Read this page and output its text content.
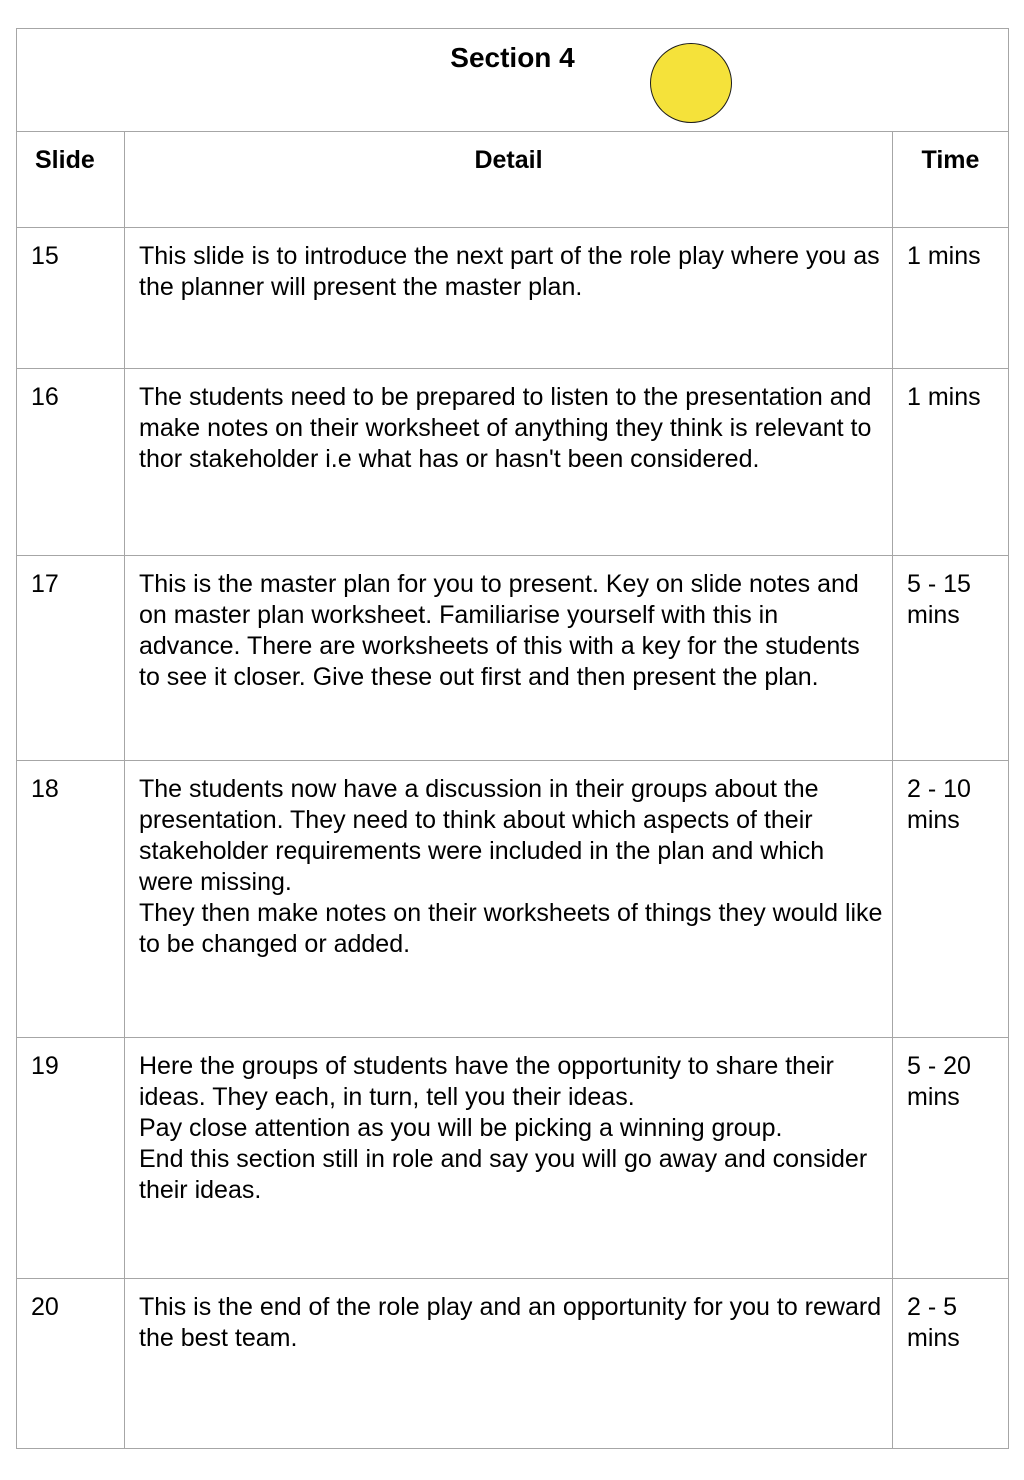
Section 4		

Slide	Detail	Time
15	This slide is to introduce the next part of the role play where you as the planner will present the master plan.	1 mins
16	The students need to be prepared to listen to the presentation and make notes on their worksheet of anything they think is relevant to thor stakeholder i.e what has or hasn't been considered.	1 mins
17	This is the master plan for you to present. Key on slide notes and on master plan worksheet. Familiarise yourself with this in advance. There are worksheets of this with a key for the students to see it closer. Give these out first and then present the plan.	5 - 15 mins
18	The students now have a discussion in their groups about the presentation. They need to think about which aspects of their stakeholder requirements were included in the plan and which were missing.
They then make notes on their worksheets of things they would like to be changed or added.	2 - 10 mins
19	Here the groups of students have the opportunity to share their ideas. They each, in turn, tell you their ideas.
Pay close attention as you will be picking a winning group.
End this section still in role and say you will go away and consider their ideas.	5 - 20 mins
20	This is the end of the role play and an opportunity for you to reward the best team.	2 - 5 mins
